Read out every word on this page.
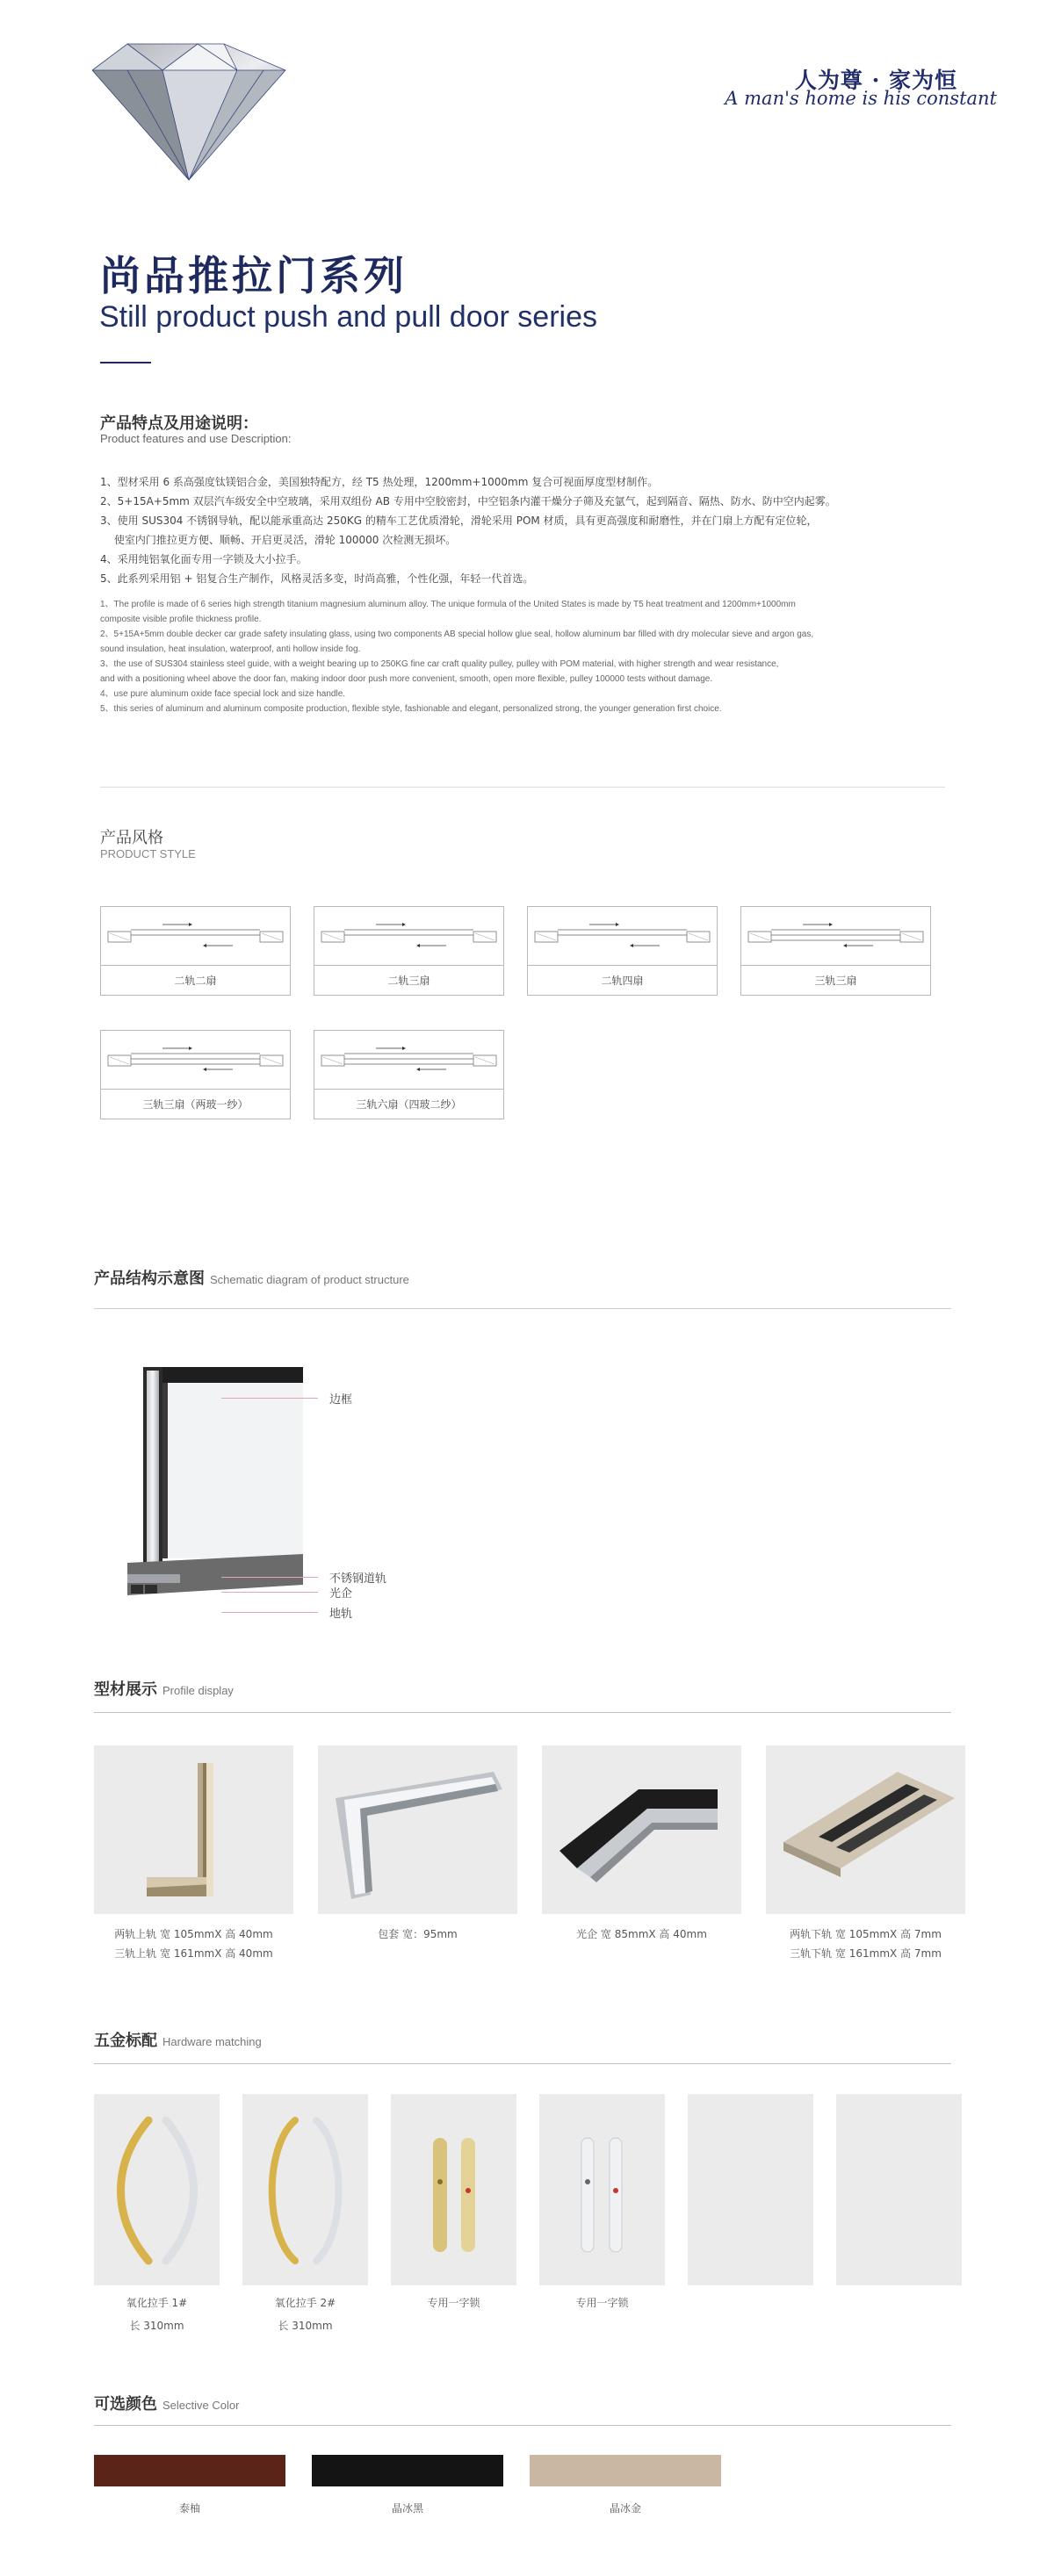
人为尊 · 家为恒
A man's home is his constant
尚品推拉门系列
Still product push and pull door series
产品特点及用途说明：
Product features and use Description:
1、型材采用 6 系高强度钛镁铝合金，美国独特配方，经 T5 热处理，1200mm+1000mm 复合可视面厚度型材制作。
2、5+15A+5mm 双层汽车级安全中空玻璃，采用双组份 AB 专用中空胶密封，中空铝条内灌干燥分子筛及充氩气，起到隔音、隔热、防水、防中空内起雾。
3、使用 SUS304 不锈钢导轨，配以能承重高达 250KG 的精车工艺优质滑轮，滑轮采用 POM 材质，具有更高强度和耐磨性，并在门扇上方配有定位轮，
　 使室内门推拉更方便、顺畅、开启更灵活，滑轮 100000 次检测无损坏。
4、采用纯铝氧化面专用一字锁及大小拉手。
5、此系列采用铝 + 铝复合生产制作，风格灵活多变，时尚高雅，个性化强，年轻一代首选。
1、The profile is made of 6 series high strength titanium magnesium aluminum alloy. The unique formula of the United States is made by T5 heat treatment and 1200mm+1000mm
composite visible profile thickness profile.
2、5+15A+5mm double decker car grade safety insulating glass, using two components AB special hollow glue seal, hollow aluminum bar filled with dry molecular sieve and argon gas,
sound insulation, heat insulation, waterproof, anti hollow inside fog.
3、the use of SUS304 stainless steel guide, with a weight bearing up to 250KG fine car craft quality pulley, pulley with POM material, with higher strength and wear resistance,
and with a positioning wheel above the door fan, making indoor door push more convenient, smooth, open more flexible, pulley 100000 tests without damage.
4、use pure aluminum oxide face special lock and size handle.
5、this series of aluminum and aluminum composite production, flexible style, fashionable and elegant, personalized strong, the younger generation first choice.
产品风格
PRODUCT STYLE
二轨二扇	二轨三扇	二轨四扇	三轨三扇
三轨三扇（两玻一纱）	三轨六扇（四玻二纱）
产品结构示意图 Schematic diagram of product structure
边框
不锈钢道轨
光企
地轨
型材展示 Profile display
两轨上轨 宽 105mmX 高 40mm
三轨上轨 宽 161mmX 高 40mm
包套 宽：95mm	光企 宽 85mmX 高 40mm	两轨下轨 宽 105mmX 高 7mm
三轨下轨 宽 161mmX 高 7mm
五金标配 Hardware matching
氧化拉手 1#
长 310mm
氧化拉手 2#
长 310mm
专用一字锁	专用一字锁
可选颜色 Selective Color
泰柚	晶冰黑	晶冰金
